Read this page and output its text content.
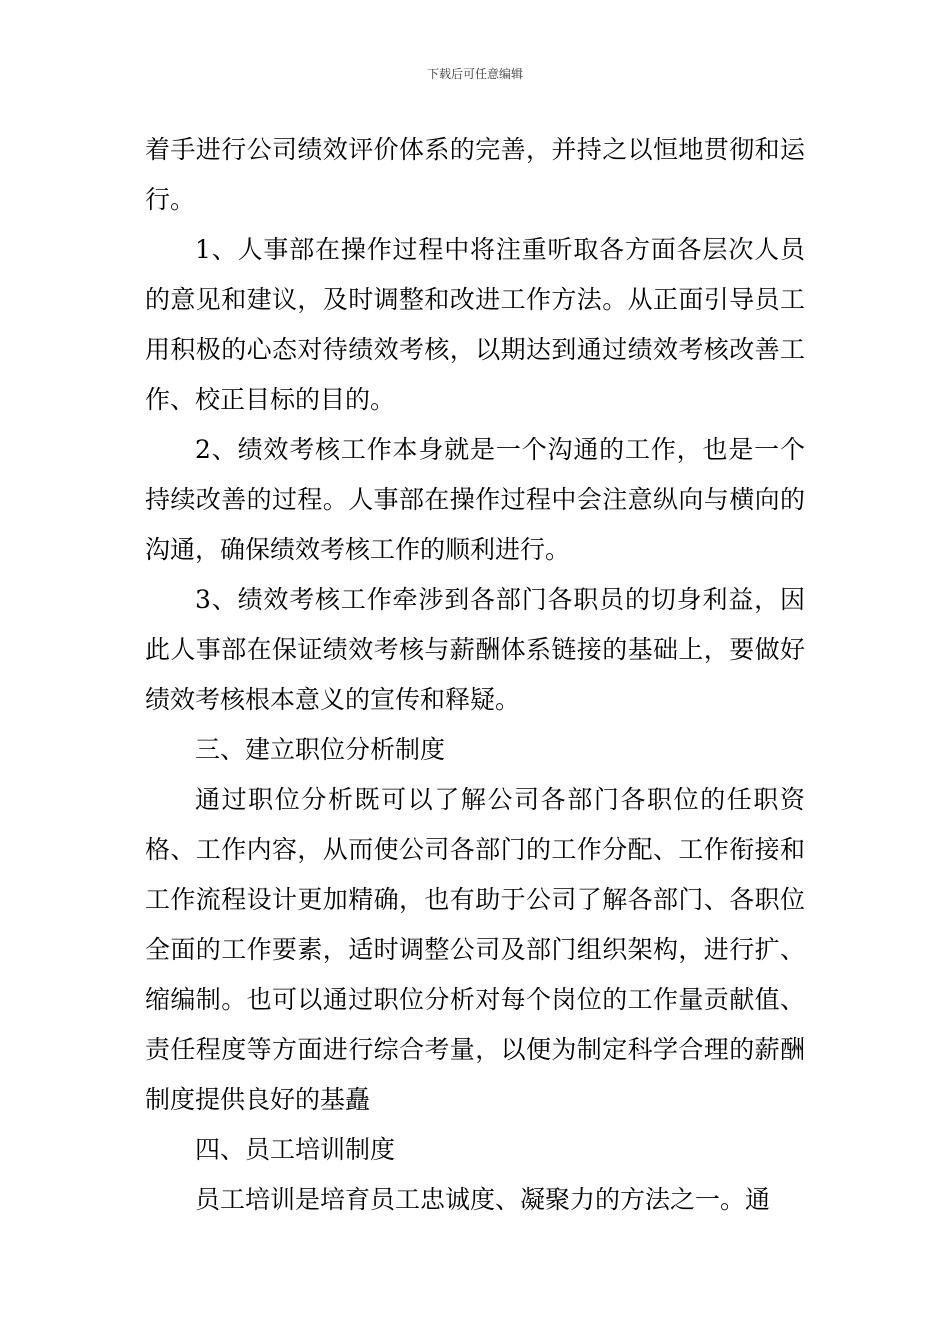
下载后可任意编辑

着手进行公司绩效评价体系的完善，并持之以恒地贯彻和运行。

1、人事部在操作过程中将注重听取各方面各层次人员的意见和建议，及时调整和改进工作方法。从正面引导员工用积极的心态对待绩效考核，以期达到通过绩效考核改善工作、校正目标的目的。

2、绩效考核工作本身就是一个沟通的工作，也是一个持续改善的过程。人事部在操作过程中会注意纵向与横向的沟通，确保绩效考核工作的顺利进行。

3、绩效考核工作牵涉到各部门各职员的切身利益，因此人事部在保证绩效考核与薪酬体系链接的基础上，要做好绩效考核根本意义的宣传和释疑。

三、建立职位分析制度

通过职位分析既可以了解公司各部门各职位的任职资格、工作内容，从而使公司各部门的工作分配、工作衔接和工作流程设计更加精确，也有助于公司了解各部门、各职位全面的工作要素，适时调整公司及部门组织架构，进行扩、缩编制。也可以通过职位分析对每个岗位的工作量贡献值、责任程度等方面进行综合考量，以便为制定科学合理的薪酬制度提供良好的基矗

四、员工培训制度

员工培训是培育员工忠诚度、凝聚力的方法之一。通
